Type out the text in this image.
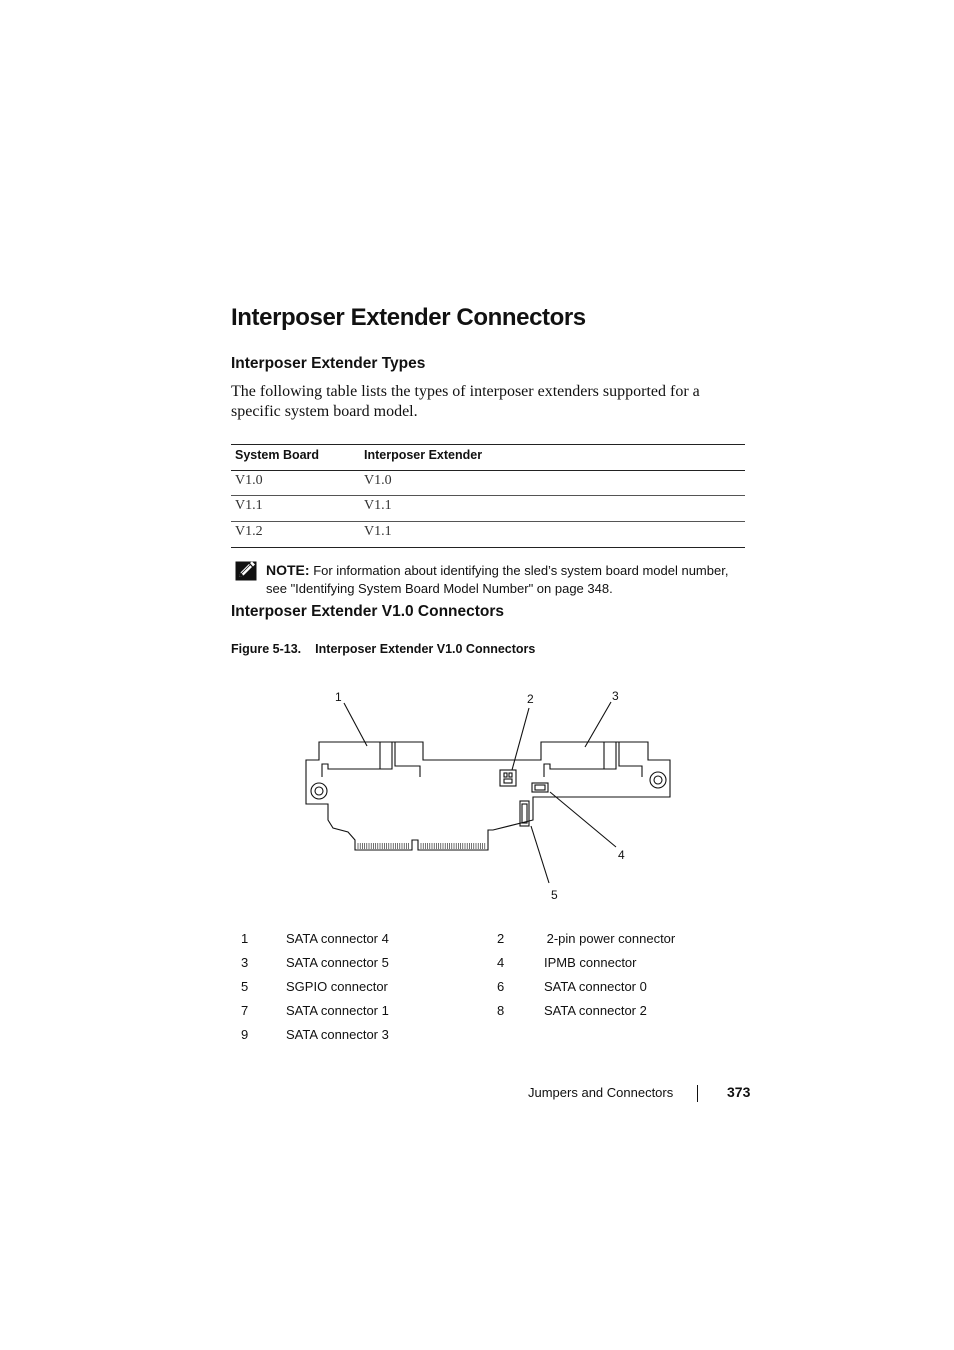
Interposer Extender Connectors
Interposer Extender Types
The following table lists the types of interposer extenders supported for a specific system board model.
System Board	Interposer Extender
V1.0	V1.0
V1.1	V1.1
V1.2	V1.1
NOTE: For information about identifying the sled’s system board model number, see "Identifying System Board Model Number" on page 348.
Interposer Extender V1.0 Connectors
Figure 5-13. Interposer Extender V1.0 Connectors
1	2	3
4
5
1	SATA connector 4	2	2-pin power connector
3	SATA connector 5	4	IPMB connector
5	SGPIO connector	6	SATA connector 0
7	SATA connector 1	8	SATA connector 2
9	SATA connector 3
Jumpers and Connectors	373
